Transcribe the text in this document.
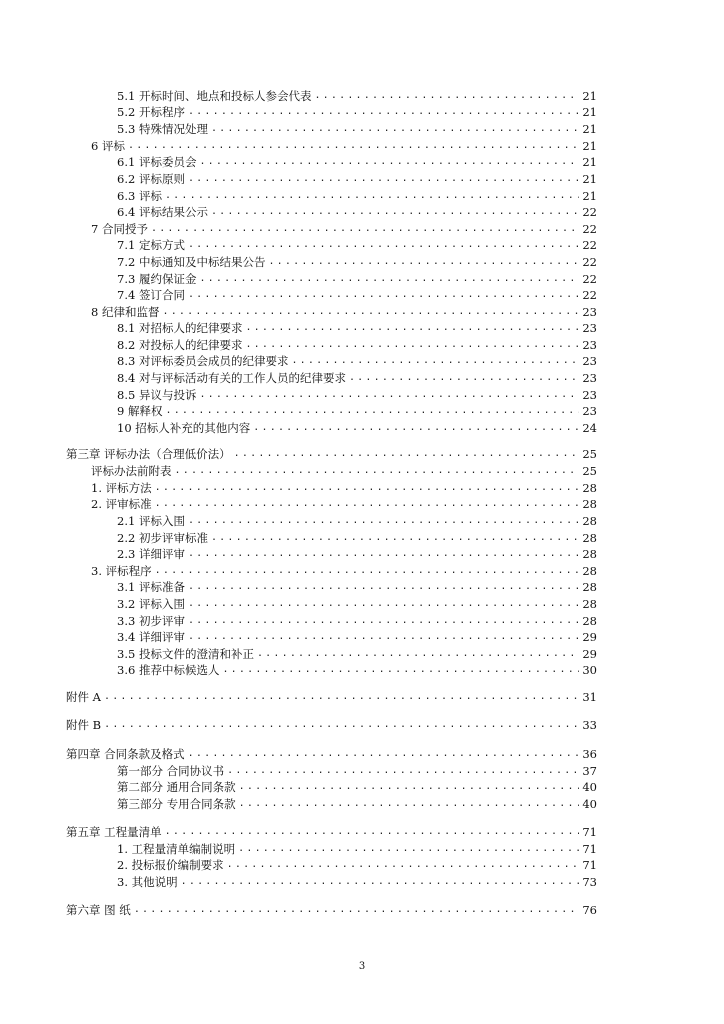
5.1 开标时间、地点和投标人参会代表 .....	21
5.2 开标程序 .....	21
5.3 特殊情况处理 .....	21
6 评标 .....	21
6.1 评标委员会 .....	21
6.2 评标原则 .....	21
6.3 评标 .....	21
6.4 评标结果公示 .....	22
7 合同授予 .....	22
7.1 定标方式 .....	22
7.2 中标通知及中标结果公告 .....	22
7.3 履约保证金 .....	22
7.4 签订合同 .....	22
8 纪律和监督 .....	23
8.1 对招标人的纪律要求 .....	23
8.2 对投标人的纪律要求 .....	23
8.3 对评标委员会成员的纪律要求 .....	23
8.4 对与评标活动有关的工作人员的纪律要求 .....	23
8.5 异议与投诉 .....	23
9 解释权 .....	23
10 招标人补充的其他内容 .....	24
第三章 评标办法（合理低价法） .....	25
评标办法前附表 .....	25
1. 评标方法 .....	28
2. 评审标准 .....	28
2.1 评标入围 .....	28
2.2 初步评审标准 .....	28
2.3 详细评审 .....	28
3. 评标程序 .....	28
3.1 评标准备 .....	28
3.2 评标入围 .....	28
3.3 初步评审 .....	28
3.4 详细评审 .....	29
3.5 投标文件的澄清和补正 .....	29
3.6 推荐中标候选人 .....	30
附件 A .....	31
附件 B .....	33
第四章 合同条款及格式 .....	36
第一部分 合同协议书 .....	37
第二部分 通用合同条款 .....	40
第三部分 专用合同条款 .....	40
第五章 工程量清单 .....	71
1. 工程量清单编制说明 .....	71
2. 投标报价编制要求 .....	71
3. 其他说明 .....	73
第六章 图 纸 .....	76
3
